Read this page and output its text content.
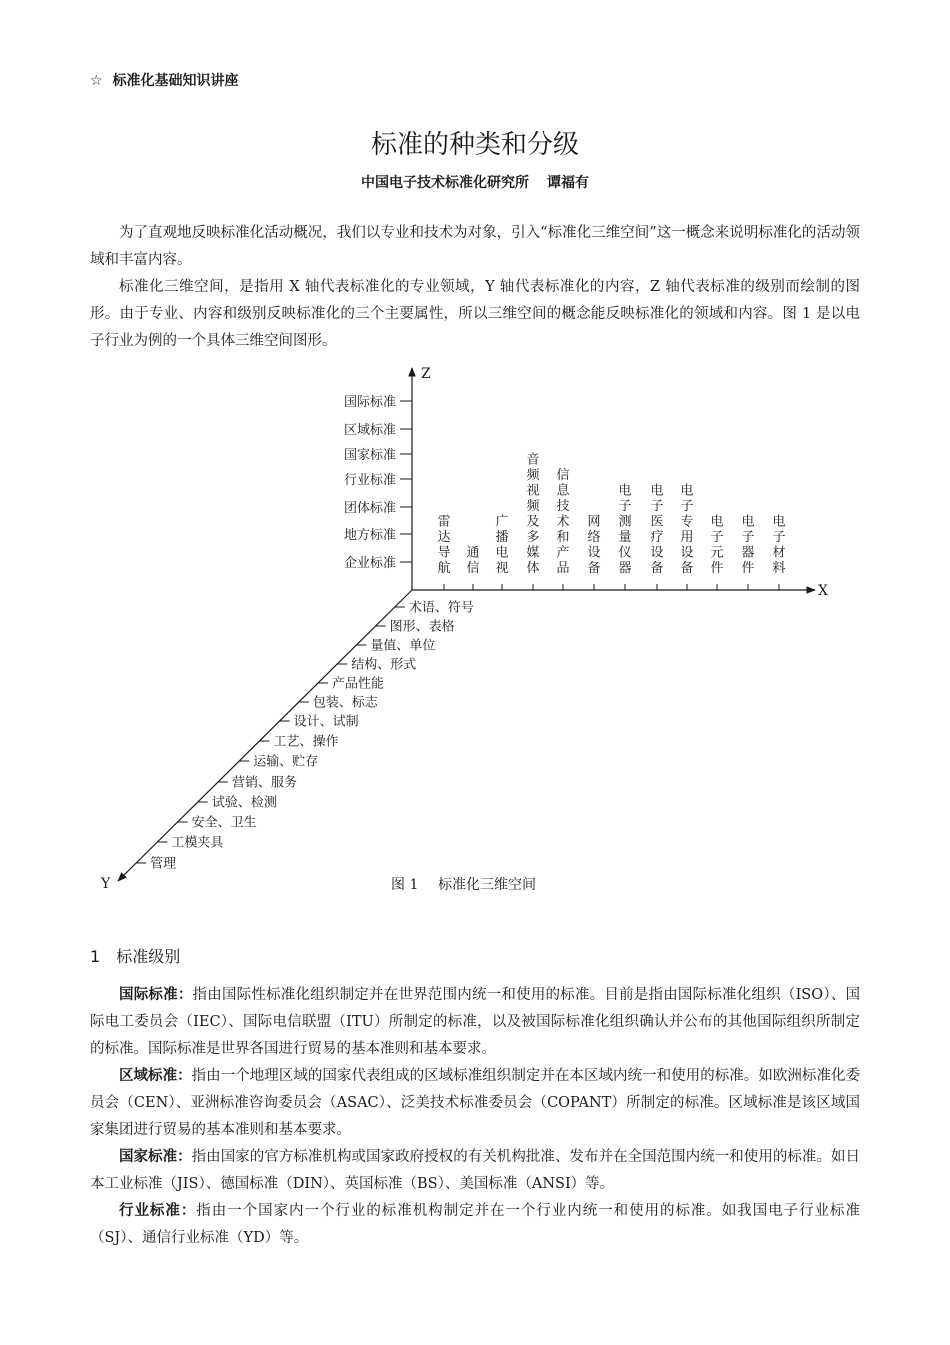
☆ 标准化基础知识讲座
标准的种类和分级
中国电子技术标准化研究所 谭福有

为了直观地反映标准化活动概况，我们以专业和技术为对象，引入“标准化三维空间”这一概念来说明标准化的活动领域和丰富内容。

标准化三维空间，是指用 X 轴代表标准化的专业领域，Y 轴代表标准化的内容，Z 轴代表标准的级别而绘制的图形。由于专业、内容和级别反映标准化的三个主要属性，所以三维空间的概念能反映标准化的领域和内容。图 1 是以电子行业为例的一个具体三维空间图形。

Z
X
Y
企业标准
地方标准
团体标准
行业标准
国家标准
区域标准
国际标准
雷达导航
通信
广播电视
音频视频及多媒体
信息技术和产品
网络设备
电子测量仪器
电子医疗设备
电子专用设备
电子元件
电子器件
电子材料
术语、符号
图形、表格
量值、单位
结构、形式
产品性能
包装、标志
设计、试制
工艺、操作
运输、贮存
营销、服务
试验、检测
安全、卫生
工模夹具
管理
图 1 标准化三维空间
1 标准级别

国际标准：指由国际性标准化组织制定并在世界范围内统一和使用的标准。目前是指由国际标准化组织（ISO）、国际电工委员会（IEC）、国际电信联盟（ITU）所制定的标准，以及被国际标准化组织确认并公布的其他国际组织所制定的标准。国际标准是世界各国进行贸易的基本准则和基本要求。

区域标准：指由一个地理区域的国家代表组成的区域标准组织制定并在本区域内统一和使用的标准。如欧洲标准化委员会（CEN）、亚洲标准咨询委员会（ASAC）、泛美技术标准委员会（COPANT）所制定的标准。区域标准是该区域国家集团进行贸易的基本准则和基本要求。

国家标准：指由国家的官方标准机构或国家政府授权的有关机构批准、发布并在全国范围内统一和使用的标准。如日本工业标准（JIS）、德国标准（DIN）、英国标准（BS）、美国标准（ANSI）等。

行业标准：指由一个国家内一个行业的标准机构制定并在一个行业内统一和使用的标准。如我国电子行业标准（SJ）、通信行业标准（YD）等。
